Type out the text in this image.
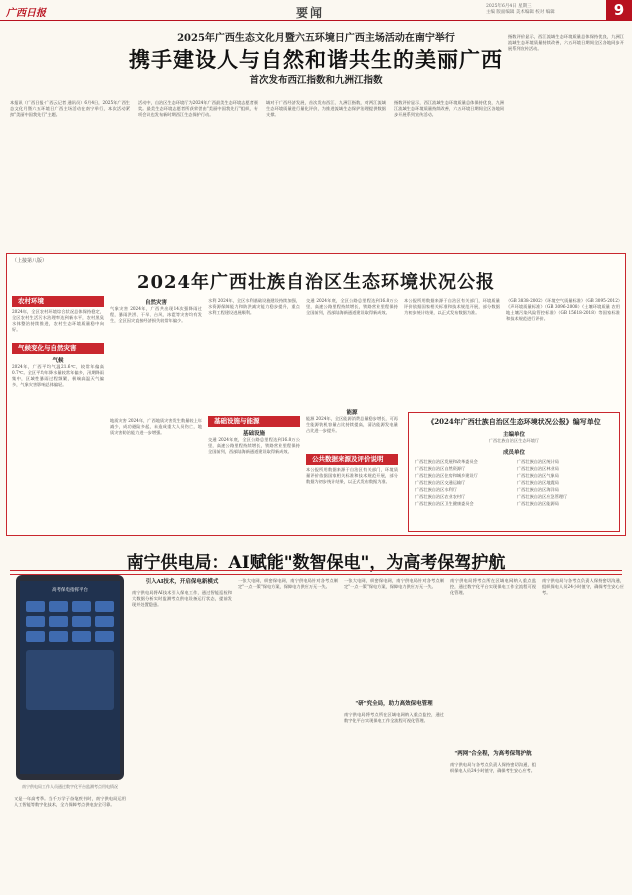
广西日报	要闻	2025年6月4日 星期三
主编 版面编辑 美术编辑 校对 编辑	9
2025年广西生态文化月暨六五环境日广西主场活动在南宁举行
携手建设人与自然和谐共生的美丽广西
首次发布西江指数和九洲江指数
本报讯（广西日报·广西云记者 通讯员）6月4日，2025年广西生态文化月暨六五环境日广西主场活动在南宁举行，本次活动紧扣"美丽中国我先行"主题。
活动中，自治区生态环境厅为2024年广西最美生态环境志愿者颁奖。最美生态环境志愿者所获荣誉由"美丽中国我先行"组织，专项会议也发布新时期西江生态保护行动。
域对于广西经济发展，首次发布西江、九洲江指数，对两江流域生态环境质量进行量化评价，为推进流域生态保护治理提供数据支撑。
指数评价显示，西江流域生态环境质量总体保持优良，九洲江流域生态环境质量持续改善，六五环境日期间全区各地同步开展系列宣传活动。
指数评价显示，西江流域生态环境质量总体保持优良，九洲江流域生态环境质量持续改善，六五环境日期间全区各地同步开展系列宣传活动。
（上接第八版）
2024年广西壮族自治区生态环境状况公报
农村环境
2024年，全区农村环境综合状况总体保持稳定，全区农村生活污水治理率达到新水平，农村黑臭水体整治持续推进，农村生态环境质量稳中向好。
气候变化与自然灾害
气候
2024年，广西平均气温21.6℃，较常年偏高0.7℃。全区平均年降水量较常年偏多，汛期降雨集中，区域性暴雨过程频繁，极端高温天气偏多，气象灾害影响总体偏轻。
自然灾害
气象灾害 2024年，广西共出现14次强降雨过程，暴雨洪涝、干旱、台风、冰雹等灾害均有发生，全区因灾直接经济损失较常年偏少。
地质灾害 2024年，广西地质灾害发生数量较上年减少，成功避险多起，未造成重大人员伤亡，地质灾害防治能力进一步增强。
水利 2024年，全区水利基础设施建设持续加强，水资源保障能力和防洪减灾能力稳步提升，重点水利工程建设进展顺利。
基础设施与能源
基础设施
交通 2024年底，全区公路总里程达到16.8万公里，高速公路里程持续增长，铁路营业里程保持全国前列，西部陆海新通道建设取得新成效。
交通 2024年底，全区公路总里程达到16.8万公里，高速公路里程持续增长，铁路营业里程保持全国前列，西部陆海新通道建设取得新成效。
能源
能源 2024年，全区能源消费总量稳步增长，可再生能源装机容量占比持续提高，清洁能源发电量占比进一步提升。
公共数据来源及评价说明
本公报所用数据来源于自治区有关部门，环境质量评价依据国家相关标准和技术规范开展，部分数据为初步统计结果，以正式发布数据为准。
本公报所用数据来源于自治区有关部门，环境质量评价依据国家相关标准和技术规范开展，部分数据为初步统计结果，以正式发布数据为准。
（GB 3838-2002）《环境空气质量标准》（GB 3095-2012）《声环境质量标准》（GB 3096-2008）《土壤环境质量 农用地土壤污染风险管控标准》（GB 15618-2018）等国家标准和技术规范进行评价。
《2024年广西壮族自治区生态环境状况公报》编写单位
主编单位
广西壮族自治区生态环境厅
成员单位
广西壮族自治区发展和改革委员会
广西壮族自治区自然资源厅
广西壮族自治区住房和城乡建设厅
广西壮族自治区交通运输厅
广西壮族自治区水利厅
广西壮族自治区农业农村厅
广西壮族自治区卫生健康委员会
广西壮族自治区统计局
广西壮族自治区林业局
广西壮族自治区气象局
广西壮族自治区地震局
广西壮族自治区海洋局
广西壮族自治区应急管理厅
广西壮族自治区能源局
南宁供电局：AI赋能"数智保电"，为高考保驾护航
高考保电指挥平台
南宁供电局工作人员通过数字化平台监测考点用电情况
又是一年高考季。当千万学子奋笔疾书时，南宁供电局运用人工智能等数字化技术，全力保障考点供电安全可靠。
引入AI技术，开启保电新模式
南宁供电局将AI技术引入保电工作，通过智能巡检和大数据分析实时监测考点供电设备运行状态，提前发现并处置隐患。
一张大电网，织密保电网，南宁供电局针对各考点制定"一点一策"保电方案，保障电力供应万无一失。
"研"究全局，助力高效保电管理
一张大电网，织密保电网，南宁供电局针对各考点制定"一点一策"保电方案，保障电力供应万无一失。
南宁供电局将考点所在区域电网纳入重点监控，通过数字化平台实现保电工作全流程可视化管理。
"两网"合全程，为高考保驾护航
南宁供电局将考点所在区域电网纳入重点监控，通过数字化平台实现保电工作全流程可视化管理。
南宁供电局与各考点负责人保持密切沟通，组织保电人员24小时值守，确保考生安心应考。
南宁供电局与各考点负责人保持密切沟通，组织保电人员24小时值守，确保考生安心应考。
